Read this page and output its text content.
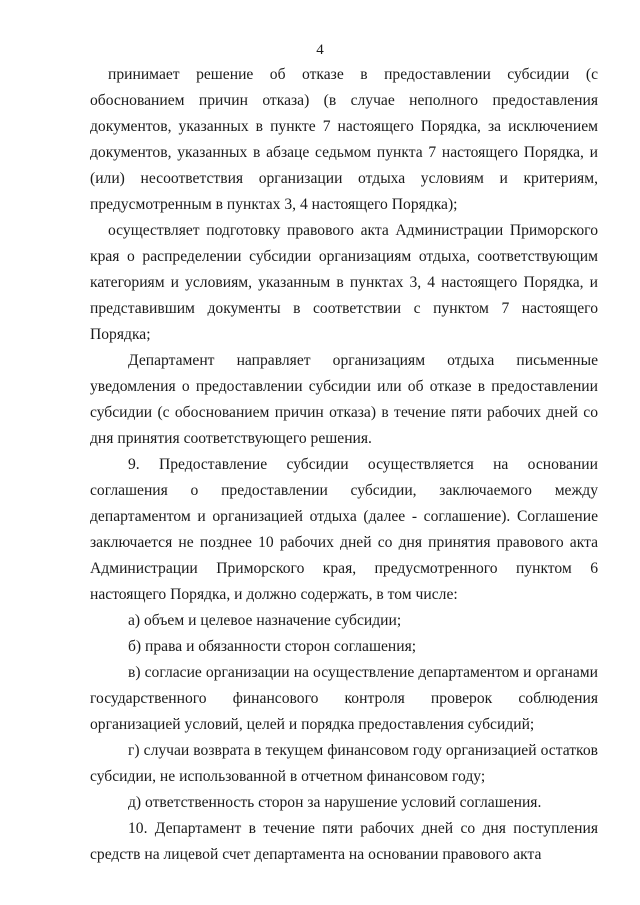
4

принимает решение об отказе в предоставлении субсидии (с обоснованием причин отказа) (в случае неполного предоставления документов, указанных в пункте 7 настоящего Порядка, за исключением документов, указанных в абзаце седьмом пункта 7 настоящего Порядка, и (или) несоответствия организации отдыха условиям и критериям, предусмотренным в пунктах 3, 4 настоящего Порядка);

осуществляет подготовку правового акта Администрации Приморского края о распределении субсидии организациям отдыха, соответствующим категориям и условиям, указанным в пунктах 3, 4 настоящего Порядка, и представившим документы в соответствии с пунктом 7 настоящего Порядка;

Департамент направляет организациям отдыха письменные уведомления о предоставлении субсидии или об отказе в предоставлении субсидии (с обоснованием причин отказа) в течение пяти рабочих дней со дня принятия соответствующего решения.

9. Предоставление субсидии осуществляется на основании соглашения о предоставлении субсидии, заключаемого между департаментом и организацией отдыха (далее - соглашение). Соглашение заключается не позднее 10 рабочих дней со дня принятия правового акта Администрации Приморского края, предусмотренного пунктом 6 настоящего Порядка, и должно содержать, в том числе:

а) объем и целевое назначение субсидии;

б) права и обязанности сторон соглашения;

в) согласие организации на осуществление департаментом и органами государственного финансового контроля проверок соблюдения организацией условий, целей и порядка предоставления субсидий;

г) случаи возврата в текущем финансовом году организацией остатков субсидии, не использованной в отчетном финансовом году;

д) ответственность сторон за нарушение условий соглашения.

10. Департамент в течение пяти рабочих дней со дня поступления средств на лицевой счет департамента на основании правового акта
